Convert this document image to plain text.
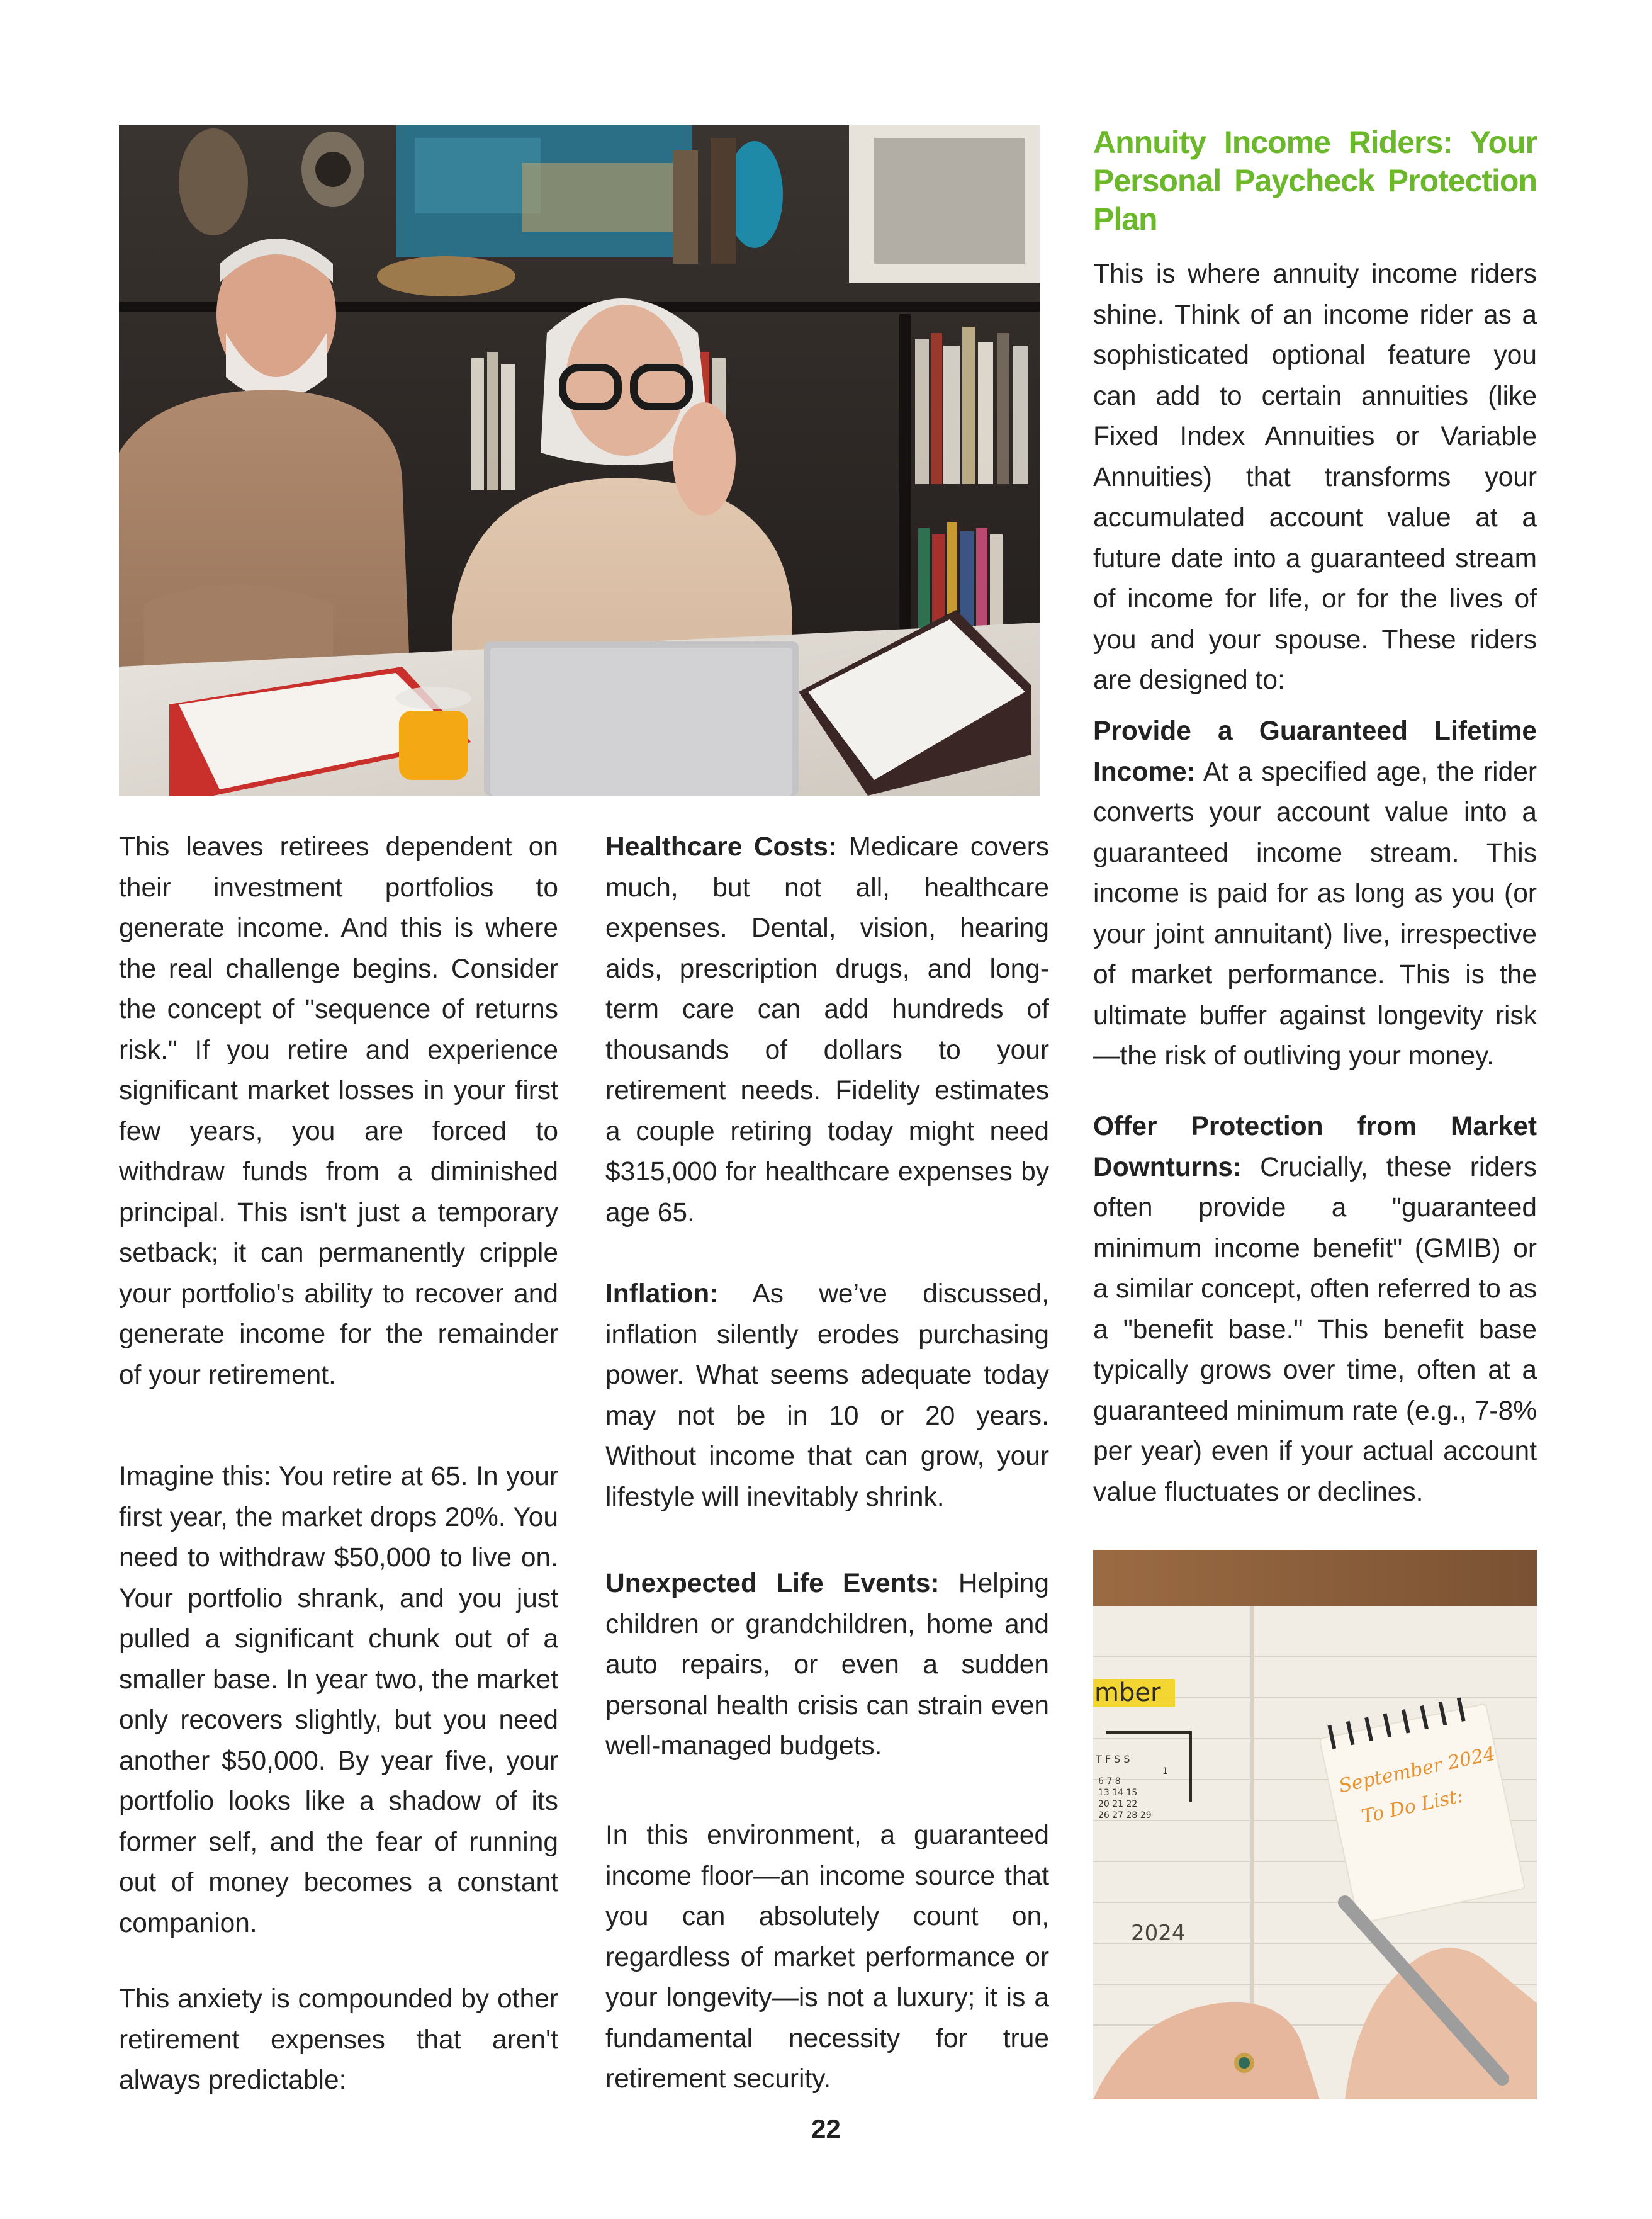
This leaves retirees dependent on their investment portfolios to generate income. And this is where the real challenge begins. Consider the concept of "sequence of returns risk." If you retire and experience significant market losses in your first few years, you are forced to withdraw funds from a diminished principal. This isn't just a temporary setback; it can permanently cripple your portfolio's ability to recover and generate income for the remainder of your retirement.

Imagine this: You retire at 65. In your first year, the market drops 20%. You need to withdraw $50,000 to live on. Your portfolio shrank, and you just pulled a significant chunk out of a smaller base. In year two, the market only recovers slightly, but you need another $50,000. By year five, your portfolio looks like a shadow of its former self, and the fear of running out of money becomes a constant companion.

This anxiety is compounded by other retirement expenses that aren't always predictable:

Healthcare Costs: Medicare covers much, but not all, healthcare expenses. Dental, vision, hearing aids, prescription drugs, and long-term care can add hundreds of thousands of dollars to your retirement needs. Fidelity estimates a couple retiring today might need $315,000 for healthcare expenses by age 65.

Inflation: As we’ve discussed, inflation silently erodes purchasing power. What seems adequate today may not be in 10 or 20 years. Without income that can grow, your lifestyle will inevitably shrink.

Unexpected Life Events: Helping children or grandchildren, home and auto repairs, or even a sudden personal health crisis can strain even well-managed budgets.

In this environment, a guaranteed income floor—an income source that you can absolutely count on, regardless of market performance or your longevity—is not a luxury; it is a fundamental necessity for true retirement security.

Annuity Income Riders: Your Personal Paycheck Protection Plan

This is where annuity income riders shine. Think of an income rider as a sophisticated optional feature you can add to certain annuities (like Fixed Index Annuities or Variable Annuities) that transforms your accumulated account value at a future date into a guaranteed stream of income for life, or for the lives of you and your spouse. These riders are designed to:

Provide a Guaranteed Lifetime Income: At a specified age, the rider converts your account value into a guaranteed income stream. This income is paid for as long as you (or your joint annuitant) live, irrespective of market performance. This is the ultimate buffer against longevity risk—the risk of outliving your money.

Offer Protection from Market Downturns: Crucially, these riders often provide a "guaranteed minimum income benefit" (GMIB) or a similar concept, often referred to as a "benefit base." This benefit base typically grows over time, often at a guaranteed minimum rate (e.g., 7-8% per year) even if your actual account value fluctuates or declines.

mber
T F S S
1
6 7 8
13 14 15
20 21 22
26 27 28 29
2024
September 2024
To Do List:
22
